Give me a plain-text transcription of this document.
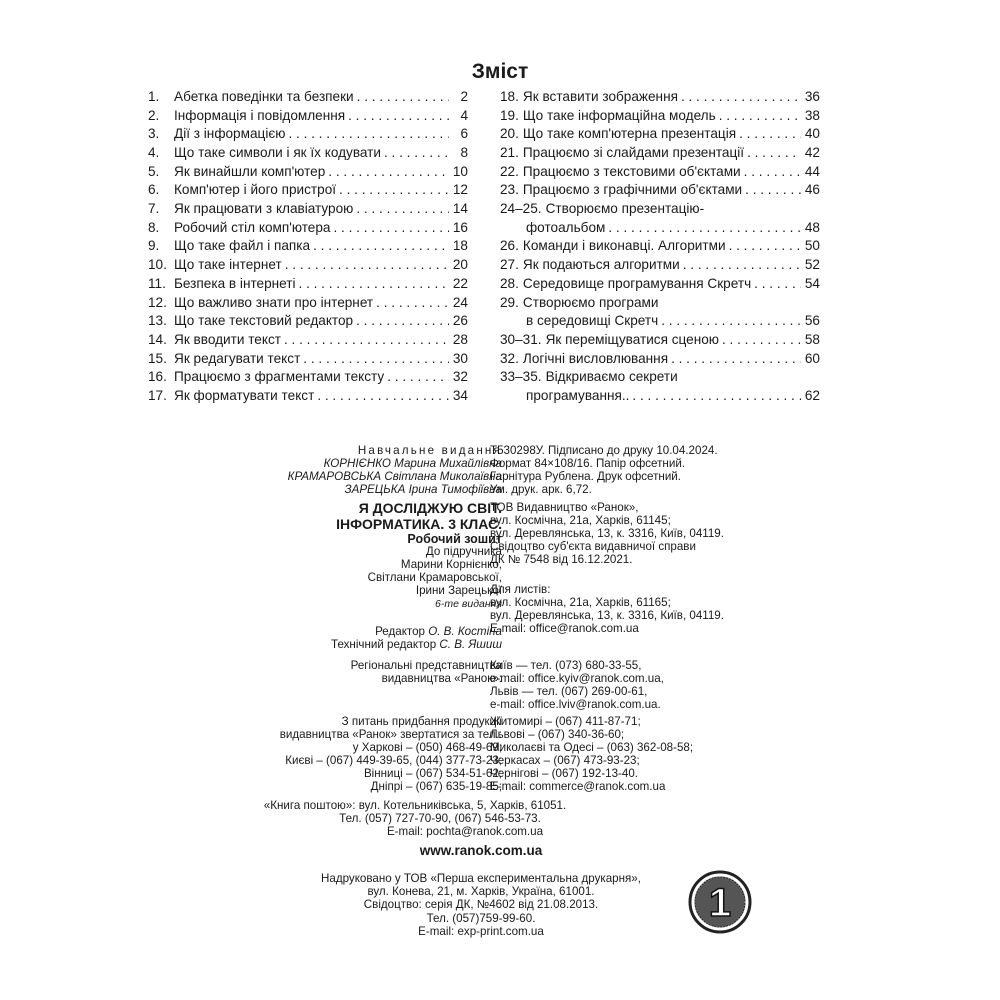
Зміст
1.	Абетка поведінки та безпеки . . .	2
2.	Інформація і повідомлення . . .	4
3.	Дії з інформацією . . .	6
4.	Що таке символи і як їх кодувати . . .	8
5.	Як винайшли комп'ютер . . .	10
6.	Комп'ютер і його пристрої . . .	12
7.	Як працювати з клавіатурою . . .	14
8.	Робочий стіл комп'ютера . . .	16
9.	Що таке файл і папка . . .	18
10. Що таке інтернет . . .	20
11. Безпека в інтернеті . . .	22
12. Що важливо знати про інтернет . . .	24
13. Що таке текстовий редактор . . .	26
14. Як вводити текст . . .	28
15. Як редагувати текст . . .	30
16. Працюємо з фрагментами тексту . . .	32
17. Як форматувати текст . . .	34
18. Як вставити зображення . . .	36
19. Що таке інформаційна модель . . .	38
20. Що таке комп'ютерна презентація . . .	40
21. Працюємо зі слайдами презентації . . .	42
22. Працюємо з текстовими об'єктами . . .	44
23. Працюємо з графічними об'єктами . . .	46
24–25. Створюємо презентацію-
фотоальбом . . .	48
26. Команди і виконавці. Алгоритми . . .	50
27. Як подаються алгоритми . . .	52
28. Середовище програмування Скретч . . .	54
29. Створюємо програми
в середовищі Скретч . . .	56
30–31. Як переміщуватися сценою . . .	58
32. Логічні висловлювання . . .	60
33–35. Відкриваємо секрети
програмування.. . . .	62
Навчальне видання
КОРНІЄНКО Марина Михайлівна
КРАМАРОВСЬКА Світлана Миколаївна
ЗАРЕЦЬКА Ірина Тимофіївна
Я ДОСЛІДЖУЮ СВІТ.
ІНФОРМАТИКА. 3 КЛАС.
Робочий зошит
До підручника
Марини Корнієнко,
Світлани Крамаровської,
Ірини Зарецької
6-те видання
Редактор О. В. Костіна
Технічний редактор С. В. Яшиш
Регіональні представництва
видавництва «Ранок»:
З питань придбання продукції
видавництва «Ранок» звертатися за тел.:
у Харкові – (050) 468-49-69;
Києві – (067) 449-39-65, (044) 377-73-23;
Вінниці – (067) 534-51-62;
Дніпрі – (067) 635-19-85;
«Книга поштою»: вул. Котельниківська, 5, Харків, 61051.
Тел. (057) 727-70-90, (067) 546-53-73.
E-mail: pochta@ranok.com.ua
www.ranok.com.ua
Надруковано у ТОВ «Перша експериментальна друкарня»,
вул. Конева, 21, м. Харків, Україна, 61001.
Свідоцтво: серія ДК, №4602 від 21.08.2013.
Тел. (057)759-99-60.
E-mail: exp-print.com.ua
Т530298У. Підписано до друку 10.04.2024.
Формат 84×108/16. Папір офсетний.
Гарнітура Рублена. Друк офсетний.
Ум. друк. арк. 6,72.
ТОВ Видавництво «Ранок»,
вул. Космічна, 21а, Харків, 61145;
вул. Деревлянська, 13, к. 3316, Київ, 04119.
Свідоцтво суб'єкта видавничої справи
ДК № 7548 від 16.12.2021.
Для листів:
вул. Космічна, 21а, Харків, 61165;
вул. Деревлянська, 13, к. 3316, Київ, 04119.
E-mail: office@ranok.com.ua
Київ — тел. (073) 680-33-55,
e-mail: office.kyiv@ranok.com.ua,
Львів — тел. (067) 269-00-61,
e-mail: office.lviv@ranok.com.ua.
Житомирі – (067) 411-87-71;
Львові – (067) 340-36-60;
Миколаєві та Одесі – (063) 362-08-58;
Черкасах – (067) 473-93-23;
Чернігові – (067) 192-13-40.
E-mail: commerce@ranok.com.ua
1
